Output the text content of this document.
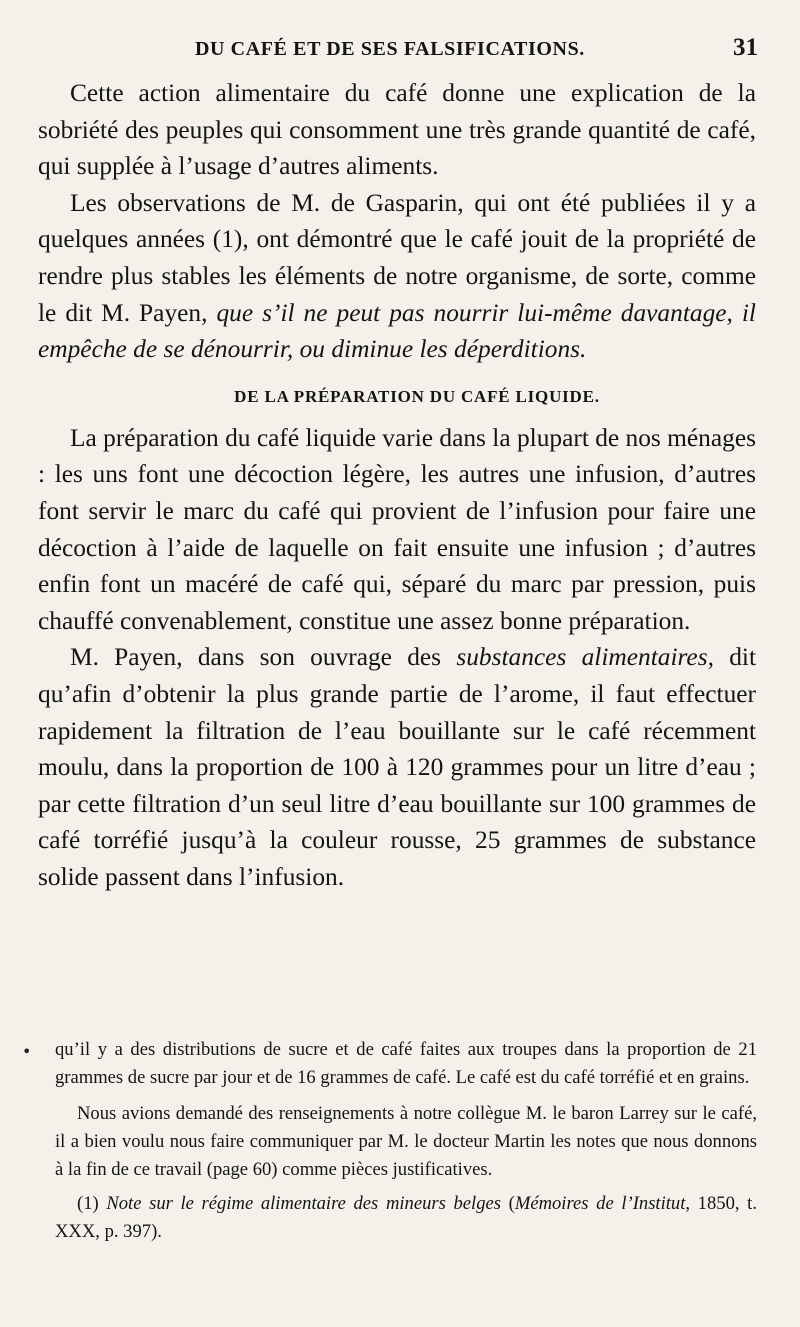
DU CAFÉ ET DE SES FALSIFICATIONS.	31

Cette action alimentaire du café donne une explication de la sobriété des peuples qui consomment une très grande quantité de café, qui supplée à l’usage d’autres aliments.

Les observations de M. de Gasparin, qui ont été publiées il y a quelques années (1), ont démontré que le café jouit de la propriété de rendre plus stables les éléments de notre organisme, de sorte, comme le dit M. Payen, que s’il ne peut pas nourrir lui-même davantage, il empêche de se dénourrir, ou diminue les déperditions.

DE LA PRÉPARATION DU CAFÉ LIQUIDE.

La préparation du café liquide varie dans la plupart de nos ménages : les uns font une décoction légère, les autres une infusion, d’autres font servir le marc du café qui provient de l’infusion pour faire une décoction à l’aide de laquelle on fait ensuite une infusion ; d’autres enfin font un macéré de café qui, séparé du marc par pression, puis chauffé convenablement, constitue une assez bonne préparation.

M. Payen, dans son ouvrage des substances alimentaires, dit qu’afin d’obtenir la plus grande partie de l’arome, il faut effectuer rapidement la filtration de l’eau bouillante sur le café récemment moulu, dans la proportion de 100 à 120 grammes pour un litre d’eau ; par cette filtration d’un seul litre d’eau bouillante sur 100 grammes de café torréfié jusqu’à la couleur rousse, 25 grammes de substance solide passent dans l’infusion.

• qu’il y a des distributions de sucre et de café faites aux troupes dans la proportion de 21 grammes de sucre par jour et de 16 grammes de café. Le café est du café torréfié et en grains.

Nous avions demandé des renseignements à notre collègue M. le baron Larrey sur le café, il a bien voulu nous faire communiquer par M. le docteur Martin les notes que nous donnons à la fin de ce travail (page 60) comme pièces justificatives.

(1) Note sur le régime alimentaire des mineurs belges (Mémoires de l’Institut, 1850, t. XXX, p. 397).
